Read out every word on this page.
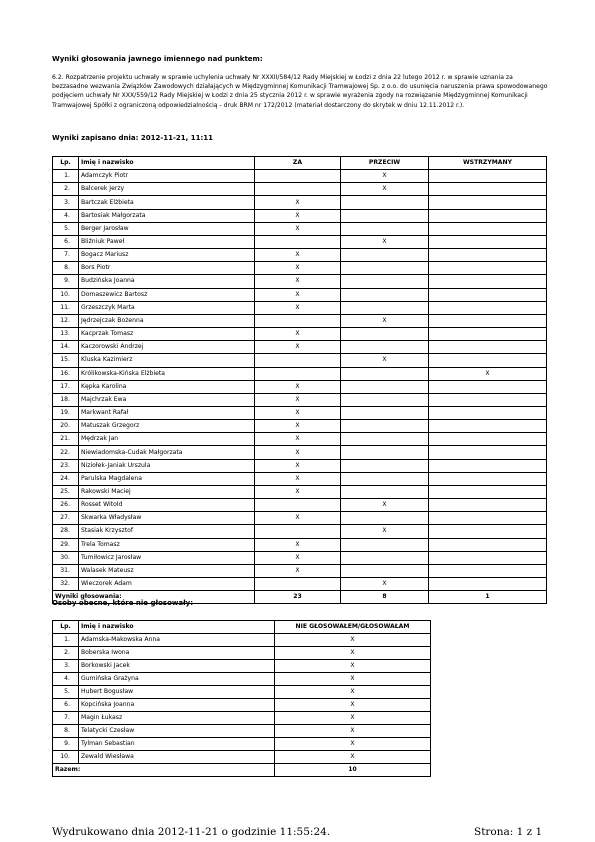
Wyniki głosowania jawnego imiennego nad punktem:
6.2. Rozpatrzenie projektu uchwały w sprawie uchylenia uchwały Nr XXXII/584/12 Rady Miejskiej w Łodzi z dnia 22 lutego 2012 r. w sprawie uznania za bezzasadne wezwania Związków Zawodowych działających w Międzygminnej Komunikacji Tramwajowej Sp. z o.o. do usunięcia naruszenia prawa spowodowanego podjęciem uchwały Nr XXX/559/12 Rady Miejskiej w Łodzi z dnia 25 stycznia 2012 r. w sprawie wyrażenia zgody na rozwiązanie Międzygminnej Komunikacji Tramwajowej Spółki z ograniczoną odpowiedzialnością - druk BRM nr 172/2012 (materiał dostarczony do skrytek w dniu 12.11.2012 r.).
Wyniki zapisano dnia: 2012-11-21, 11:11
Lp.	Imię i nazwisko	ZA	PRZECIW	WSTRZYMANY
1.	Adamczyk Piotr		X	
2.	Balcerek Jerzy		X	
3.	Bartczak Elżbieta	X		
4.	Bartosiak Małgorzata	X		
5.	Berger Jarosław	X		
6.	Bliźniuk Paweł		X	
7.	Bogacz Mariusz	X		
8.	Bors Piotr	X		
9.	Budzińska Joanna	X		
10.	Domaszewicz Bartosz	X		
11.	Grzeszczyk Marta	X		
12.	Jędrzejczak Bożenna		X	
13.	Kacprzak Tomasz	X		
14.	Kaczorowski Andrzej	X		
15.	Kluska Kazimierz		X	
16.	Królikowska-Kińska Elżbieta			X
17.	Kępka Karolina	X		
18.	Majchrzak Ewa	X		
19.	Markwant Rafał	X		
20.	Matuszak Grzegorz	X		
21.	Mędrzak Jan	X		
22.	Niewiadomska-Cudak Małgorzata	X		
23.	Niziołek-Janiak Urszula	X		
24.	Parulska Magdalena	X		
25.	Rakowski Maciej	X		
26.	Rosset Witold		X	
27.	Skwarka Władysław	X		
28.	Stasiak Krzysztof		X	
29.	Trela Tomasz	X		
30.	Tumiłowicz Jarosław	X		
31.	Walasek Mateusz	X		
32.	Wieczorek Adam		X	
Wyniki głosowania:		23	8	1
Osoby obecne, które nie głosowały:
Lp.	Imię i nazwisko	NIE GŁOSOWAŁEM/GŁOSOWAŁAM
1.	Adamska-Makowska Anna	X
2.	Boberska Iwona	X
3.	Borkowski Jacek	X
4.	Gumińska Grażyna	X
5.	Hubert Bogusław	X
6.	Kopcińska Joanna	X
7.	Magin Łukasz	X
8.	Telatycki Czesław	X
9.	Tylman Sebastian	X
10.	Zewald Wiesława	X
Razem:		10
Wydrukowano dnia 2012-11-21 o godzinie 11:55:24.	Strona: 1 z 1
